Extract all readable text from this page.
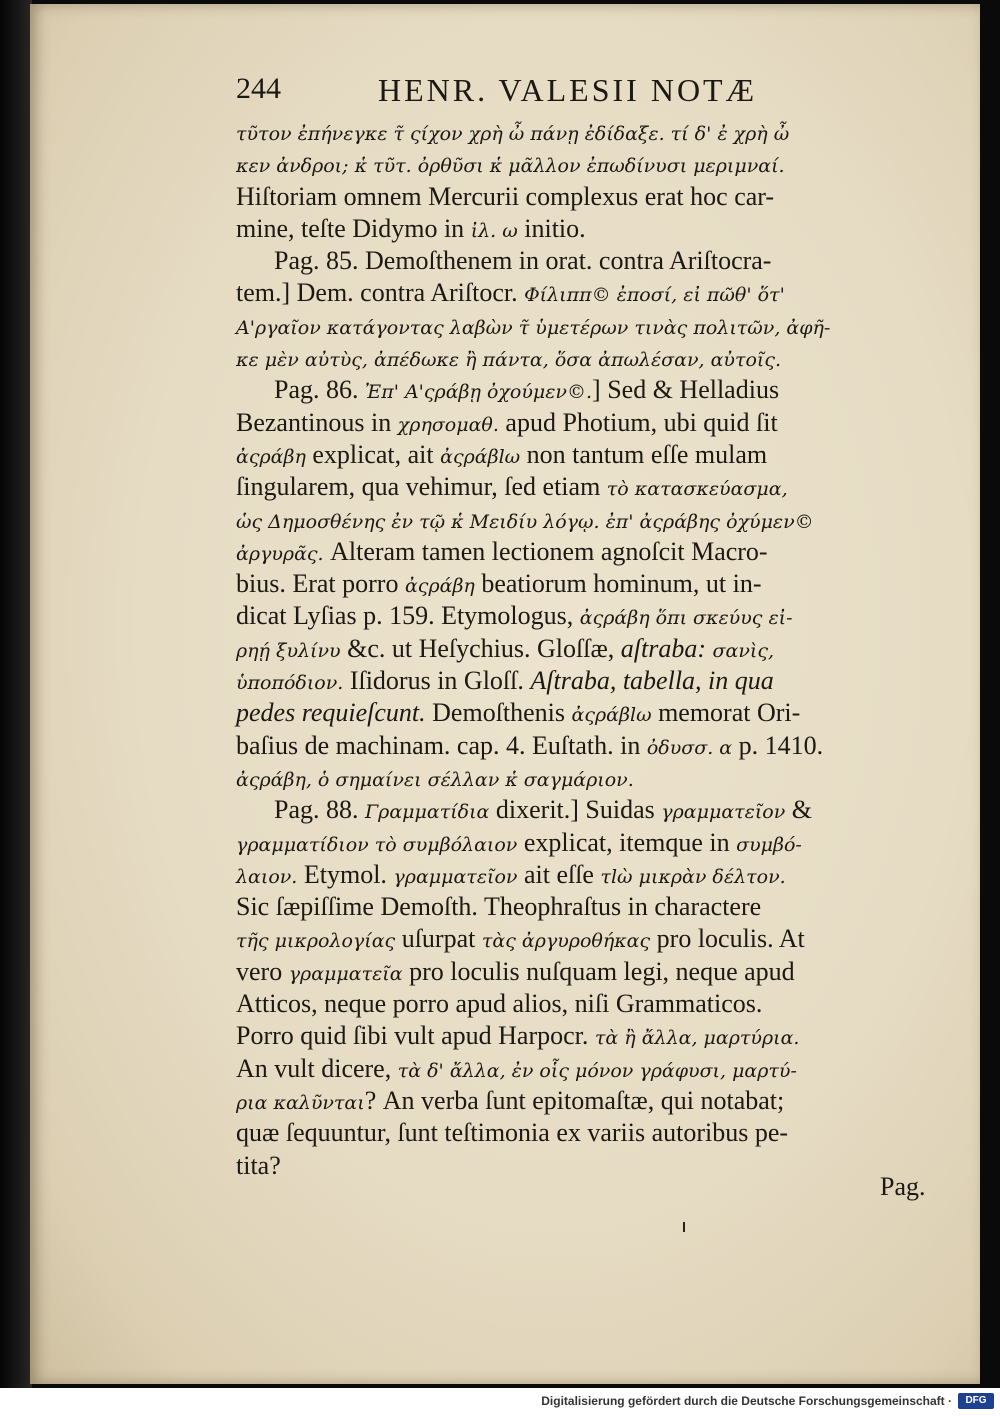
244	HENR. VALESII NOTÆ
τῦτον ἐπήνεγκε τ̃ ςίχον χρὴ ὦ πάνῃ ἐδίδαξε. τί δ' ἐ χρὴ ὦ
κεν ἀνδροι; κ̔ τῦτ. ὀρθῦσι κ̔ μᾶλλον ἐπωδίνυσι μεριμναί.
Hiſtoriam omnem Mercurii complexus erat hoc car-
mine, teſte Didymo in ἰλ. ω initio.
Pag. 85. Demoſthenem in orat. contra Ariſtocra-
tem.] Dem. contra Ariſtocr. Φίλιππ© ἐποσί, εἰ πῶθ' ὅτ'
Α'ργαῖον κατάγοντας λαβὼν τ̃ ὑμετέρων τινὰς πολιτῶν, ἀφῆ-
κε μὲν αὐτὺς, ἀπέδωκε ἢ πάντα, ὅσα ἀπωλέσαν, αὐτοῖς.
Pag. 86. Ἐπ' Α'ςράβῃ ὀχούμεν©.] Sed & Helladius
Bezantinous in χρησομαθ. apud Photium, ubi quid ſit
ἀςράβη explicat, ait ἀςράβlω non tantum eſſe mulam
ſingularem, qua vehimur, ſed etiam τὸ κατασκεύασμα,
ὡς Δημοσθένης ἐν τῷ κ̔ Μειδίυ λόγῳ. ἐπ' ἀςράβης ὀχύμεν©
ἀργυρᾶς. Alteram tamen lectionem agnoſcit Macro-
bius. Erat porro ἀςράβη beatiorum hominum, ut in-
dicat Lyſias p. 159. Etymologus, ἀςράβη ὅπι σκεύυς εἰ-
ρηῄ ξυλίνυ &c. ut Heſychius. Gloſſæ, aſtraba: σανὶς,
ὑποπόδιον. Iſidorus in Gloſſ. Aſtraba, tabella, in qua
pedes requieſcunt. Demoſthenis ἀςράβlω memorat Ori-
baſius de machinam. cap. 4. Euſtath. in ὀδυσσ. α p. 1410.
ἀςράβη, ὁ σημαίνει σέλλαν κ̔ σαγμάριον.
Pag. 88. Γραμματίδια dixerit.] Suidas γραμματεῖον &
γραμματίδιον τὸ συμβόλαιον explicat, itemque in συμβό-
λαιον. Etymol. γραμματεῖον ait eſſe τlὼ μικρὰν δέλτον.
Sic ſæpiſſime Demoſth. Theophraſtus in charactere
τῆς μικρολογίας uſurpat τὰς ἀργυροθήκας pro loculis. At
vero γραμματεῖα pro loculis nuſquam legi, neque apud
Atticos, neque porro apud alios, niſi Grammaticos.
Porro quid ſibi vult apud Harpocr. τὰ ἢ ἄλλα, μαρτύρια.
An vult dicere, τὰ δ' ἄλλα, ἐν οἷς μόνον γράφυσι, μαρτύ-
ρια καλῦνται? An verba ſunt epitomaſtæ, qui notabat;
quæ ſequuntur, ſunt teſtimonia ex variis autoribus pe-
tita?
Pag.
Digitalisierung gefördert durch die Deutsche Forschungsgemeinschaft ·	DFG
